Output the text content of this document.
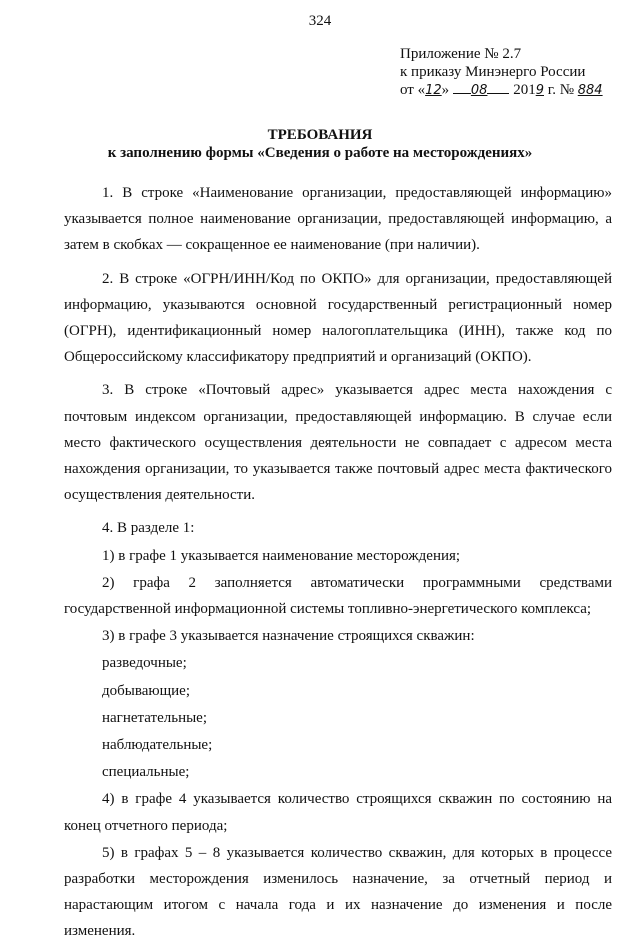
324
Приложение № 2.7
к приказу Минэнерго России
от «12» 08 2019 г. № 884
ТРЕБОВАНИЯ
к заполнению формы «Сведения о работе на месторождениях»

1. В строке «Наименование организации, предоставляющей информацию» указывается полное наименование организации, предоставляющей информацию, а затем в скобках — сокращенное ее наименование (при наличии).

2. В строке «ОГРН/ИНН/Код по ОКПО» для организации, предоставляющей информацию, указываются основной государственный регистрационный номер (ОГРН), идентификационный номер налогоплательщика (ИНН), также код по Общероссийскому классификатору предприятий и организаций (ОКПО).

3. В строке «Почтовый адрес» указывается адрес места нахождения с почтовым индексом организации, предоставляющей информацию. В случае если место фактического осуществления деятельности не совпадает с адресом места нахождения организации, то указывается также почтовый адрес места фактического осуществления деятельности.

4. В разделе 1:

1) в графе 1 указывается наименование месторождения;

2) графа 2 заполняется автоматически программными средствами государственной информационной системы топливно-энергетического комплекса;

3) в графе 3 указывается назначение строящихся скважин:

разведочные;

добывающие;

нагнетательные;

наблюдательные;

специальные;

4) в графе 4 указывается количество строящихся скважин по состоянию на конец отчетного периода;

5) в графах 5 – 8 указывается количество скважин, для которых в процессе разработки месторождения изменилось назначение, за отчетный период и нарастающим итогом с начала года и их назначение до изменения и после изменения.
